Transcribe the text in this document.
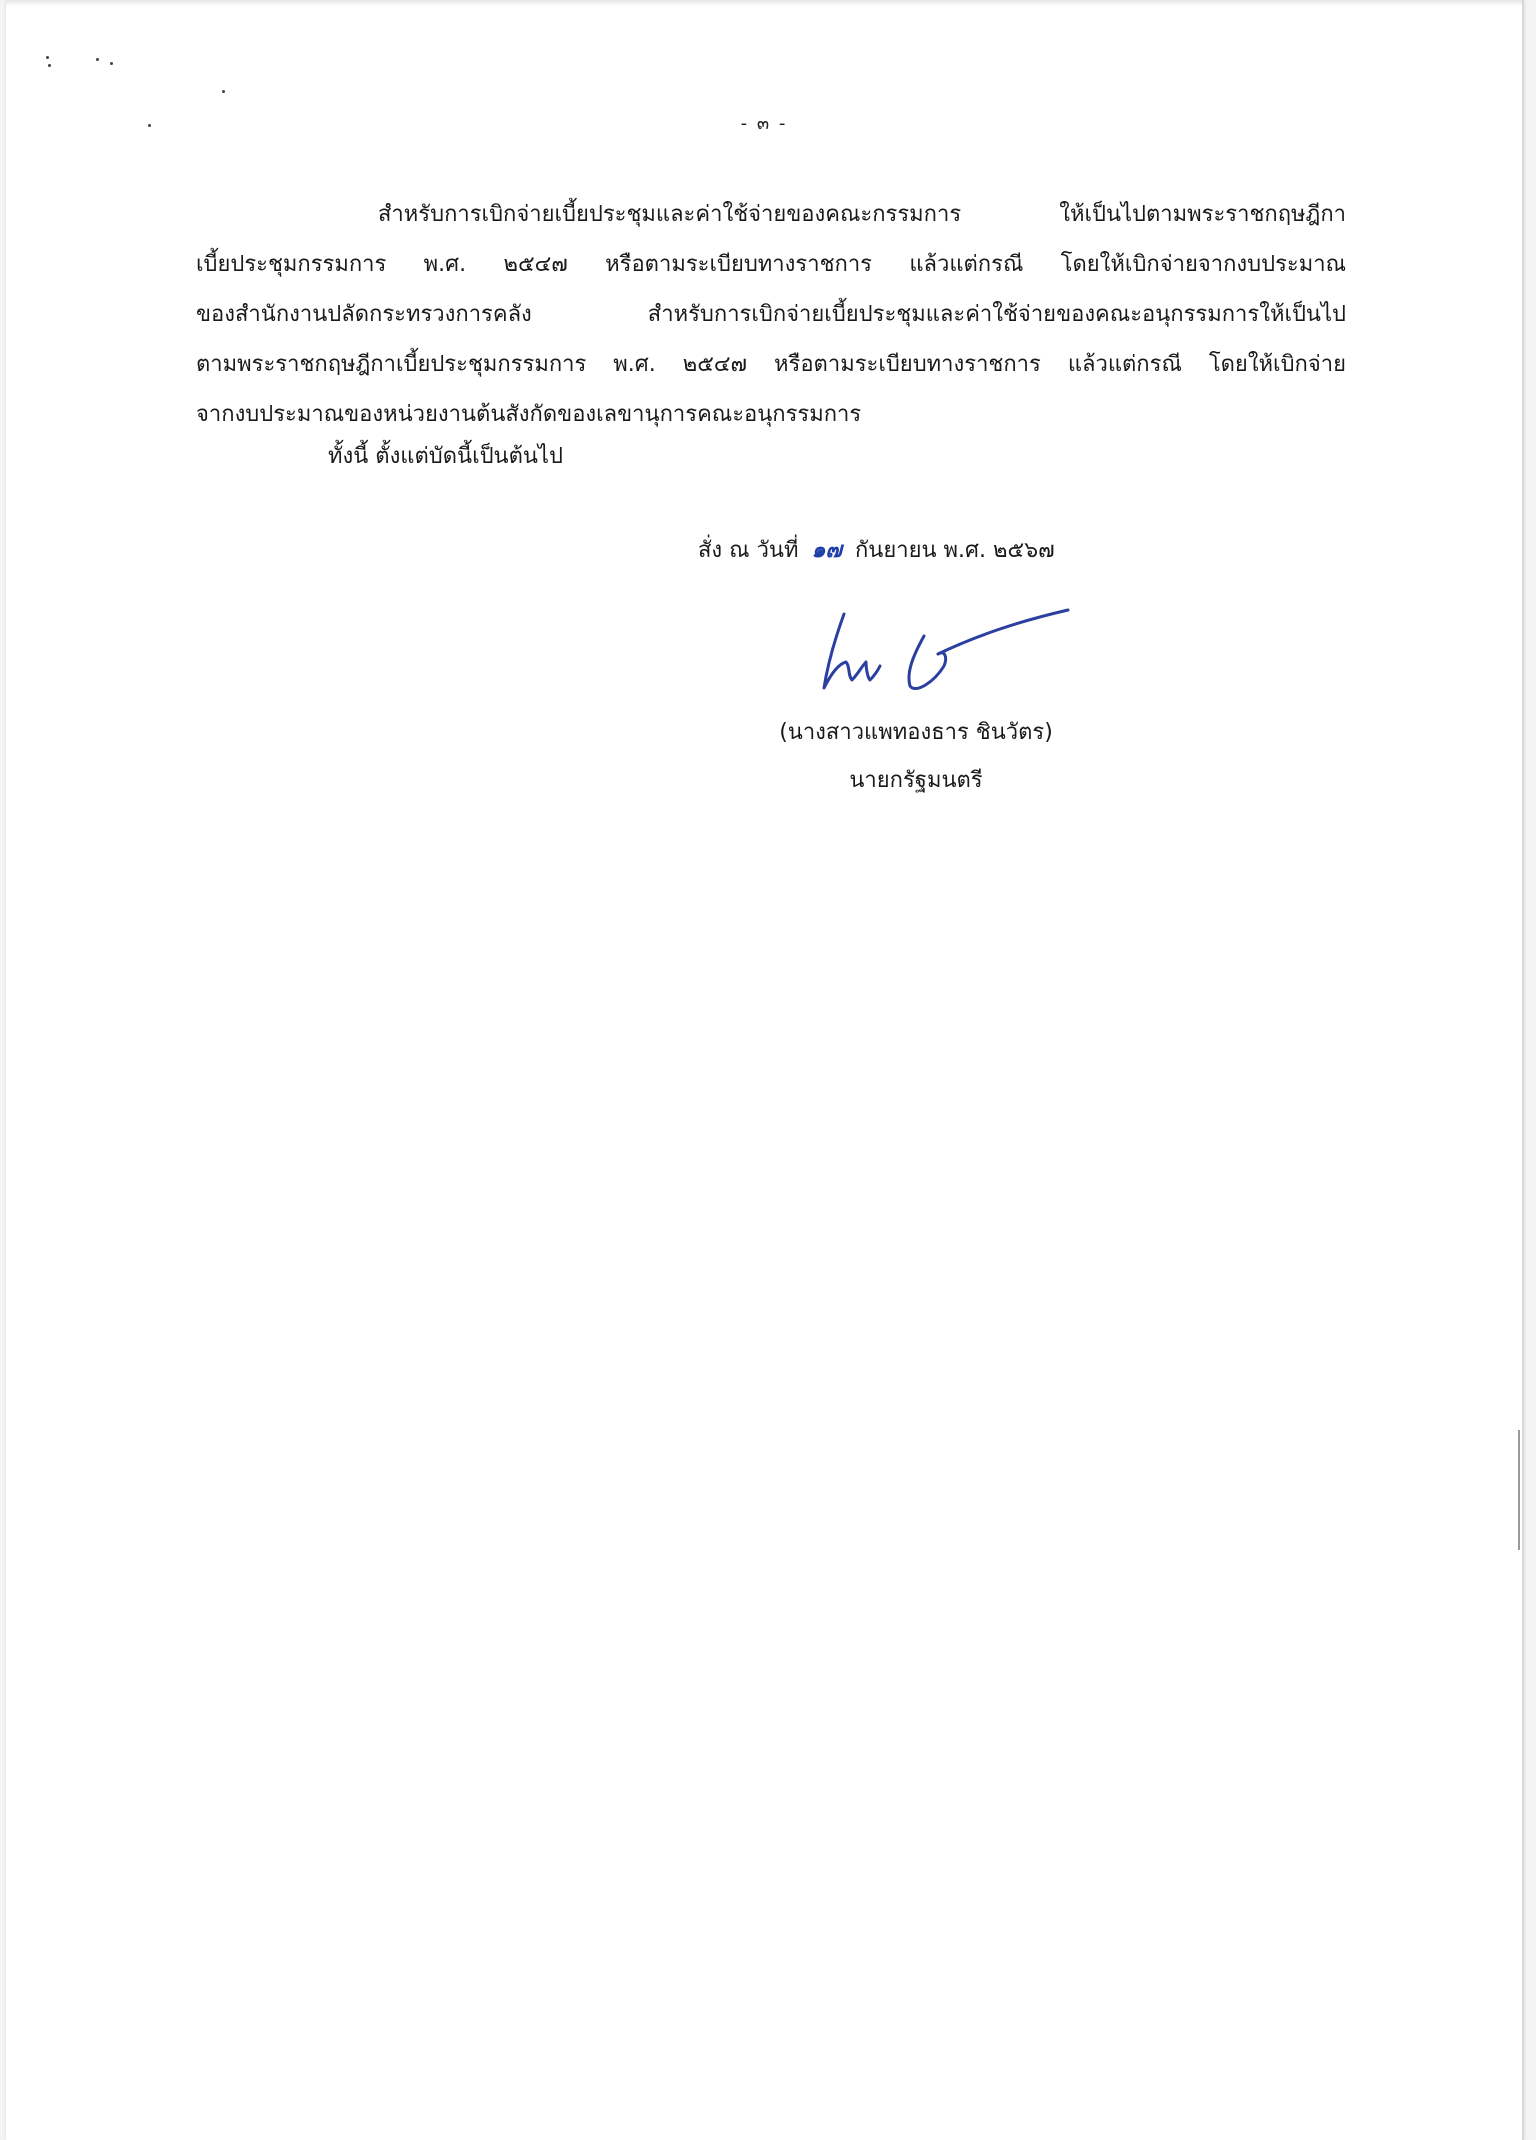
- ๓ -
สำหรับการเบิกจ่ายเบี้ยประชุมและค่าใช้จ่ายของคณะกรรมการ ให้เป็นไปตามพระราชกฤษฎีกา
เบี้ยประชุมกรรมการ พ.ศ. ๒๕๔๗ หรือตามระเบียบทางราชการ แล้วแต่กรณี โดยให้เบิกจ่ายจากงบประมาณ
ของสำนักงานปลัดกระทรวงการคลัง สำหรับการเบิกจ่ายเบี้ยประชุมและค่าใช้จ่ายของคณะอนุกรรมการให้เป็นไป
ตามพระราชกฤษฎีกาเบี้ยประชุมกรรมการ พ.ศ. ๒๕๔๗ หรือตามระเบียบทางราชการ แล้วแต่กรณี โดยให้เบิกจ่าย
จากงบประมาณของหน่วยงานต้นสังกัดของเลขานุการคณะอนุกรรมการ
ทั้งนี้ ตั้งแต่บัดนี้เป็นต้นไป
สั่ง ณ วันที่ ๑๗ กันยายน พ.ศ. ๒๕๖๗
(นางสาวแพทองธาร ชินวัตร)
นายกรัฐมนตรี
